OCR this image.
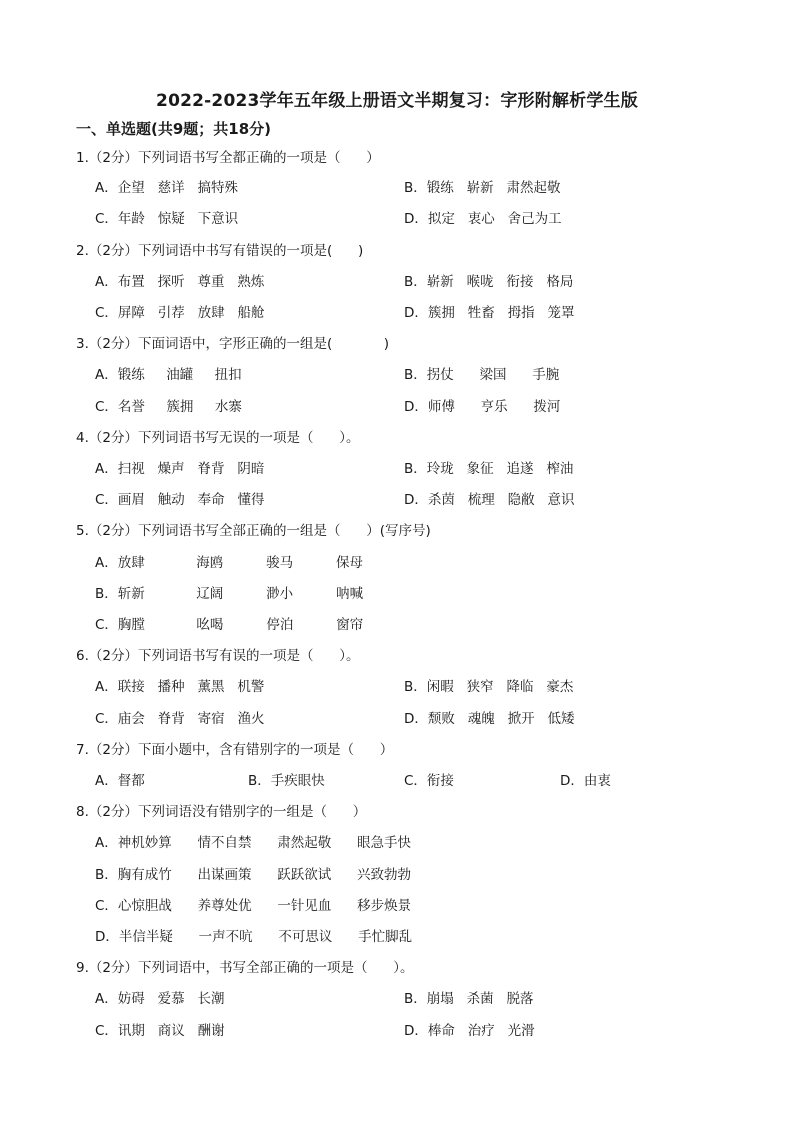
2022-2023学年五年级上册语文半期复习：字形附解析学生版
一、单选题(共9题；共18分)
1.（2分）下列词语书写全都正确的一项是（      ）
A．企望   慈详   搞特殊	B．锻练   崭新   肃然起敬
C．年龄   惊疑   下意识	D．拟定   衷心   舍己为工
2.（2分）下列词语中书写有错误的一项是(      )
A．布置   探听   尊重   熟炼	B．崭新   喉咙   衔接   格局
C．屏障   引荐   放肆   船舱	D．簇拥   牲畜   拇指   笼罩
3.（2分）下面词语中，字形正确的一组是(            )
A．锻练     油罐     扭扣	B．拐仗      梁国      手腕
C．名誉     簇拥     水寨	D．师傅      亨乐      拨河
4.（2分）下列词语书写无误的一项是（      ）。
A．扫视   燥声   脊背   阴暗	B．玲珑   象征   追遂   榨油
C．画眉   触动   奉命   懂得	D．杀茵   梳理   隐敝   意识
5.（2分）下列词语书写全部正确的一组是（      ）(写序号)
A．放肆            海鸥          骏马          保母
B．斩新            辽阔          渺小          呐喊
C．胸膛            吆喝          停泊          窗帘
6.（2分）下列词语书写有误的一项是（      ）。
A．联接   播种   薰黑   机警	B．闲暇   狭窄   降临   豪杰
C．庙会   脊背   寄宿   渔火	D．颓败   魂魄   掀开   低矮
7.（2分）下面小题中，含有错别字的一项是（      ）
A．督都	B．手疾眼快	C．衔接	D．由衷
8.（2分）下列词语没有错别字的一组是（      ）
A．神机妙算      情不自禁      肃然起敬      眼急手快
B．胸有成竹      出谋画策      跃跃欲试      兴致勃勃
C．心惊胆战      养尊处优      一针见血      移步焕景
D．半信半疑      一声不吭      不可思议      手忙脚乱
9.（2分）下列词语中，书写全部正确的一项是（      ）。
A．妨碍   爱慕   长潮	B．崩塌   杀菌   脱落
C．讯期   商议   酬谢	D．棒命   治疗   光滑
